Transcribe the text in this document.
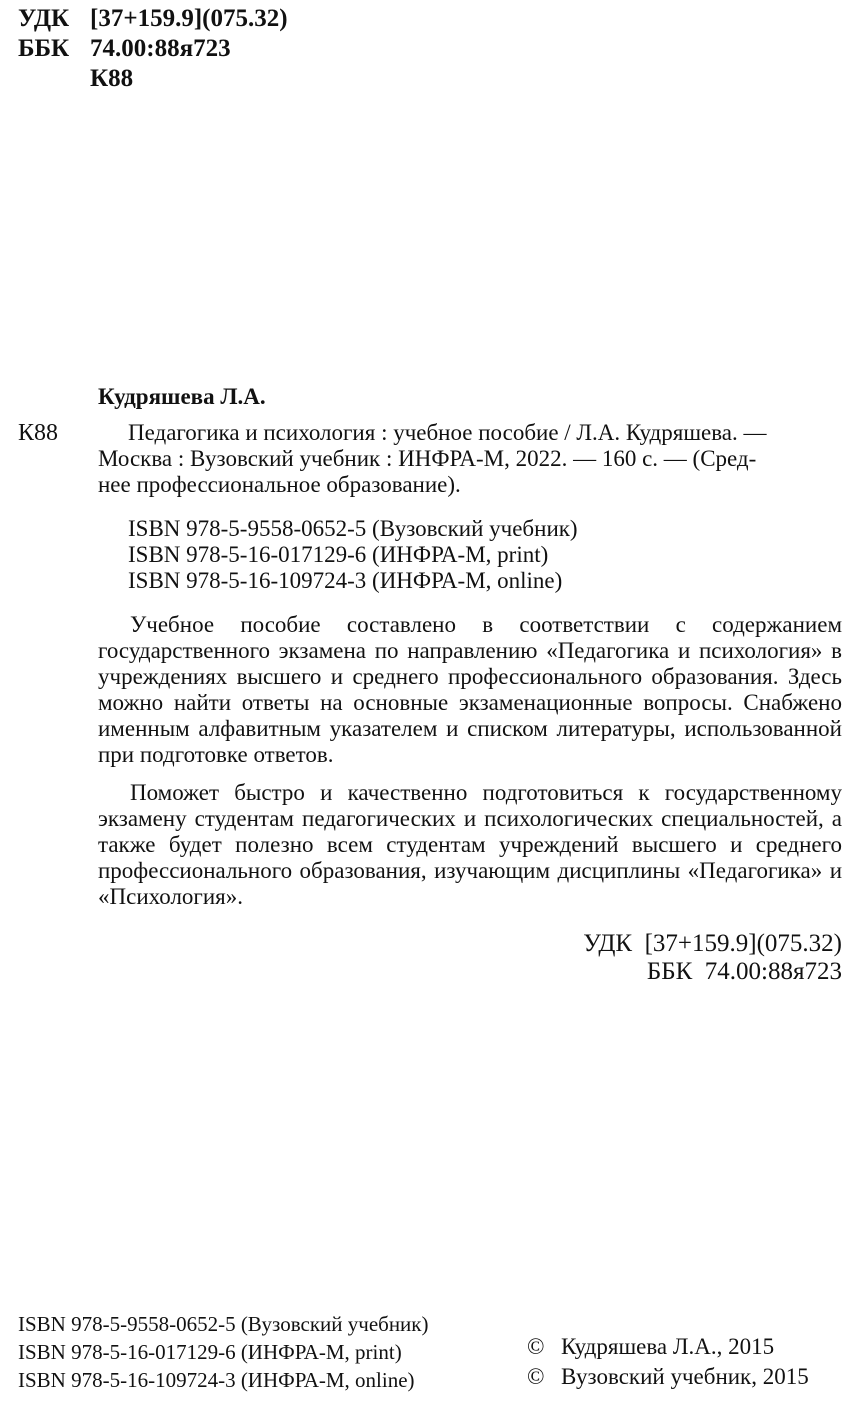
УДК [37+159.9](075.32)
ББК 74.00:88я723
К88
Кудряшева Л.А.
К88	Педагогика и психология : учебное пособие / Л.А. Кудряшева. —
Москва : Вузовский учебник : ИНФРА-М, 2022. — 160 с. — (Сред-
нее профессиональное образование).
ISBN 978-5-9558-0652-5 (Вузовский учебник)
ISBN 978-5-16-017129-6 (ИНФРА-М, print)
ISBN 978-5-16-109724-3 (ИНФРА-М, online)

Учебное пособие составлено в соответствии с содержанием государственного экзамена по направлению «Педагогика и психология» в учреждениях высшего и среднего профессионального образования. Здесь можно найти ответы на основные экзаменационные вопросы. Снабжено именным алфавитным указателем и списком литературы, использованной при подготовке ответов.

Поможет быстро и качественно подготовиться к государственному экзамену студентам педагогических и психологических специальностей, а также будет полезно всем студентам учреждений высшего и среднего профессионального образования, изучающим дисциплины «Педагогика» и «Психология».

УДК  [37+159.9](075.32)
ББК  74.00:88я723
ISBN 978-5-9558-0652-5 (Вузовский учебник)
ISBN 978-5-16-017129-6 (ИНФРА-М, print)
ISBN 978-5-16-109724-3 (ИНФРА-М, online)
© Кудряшева Л.А., 2015
© Вузовский учебник, 2015
